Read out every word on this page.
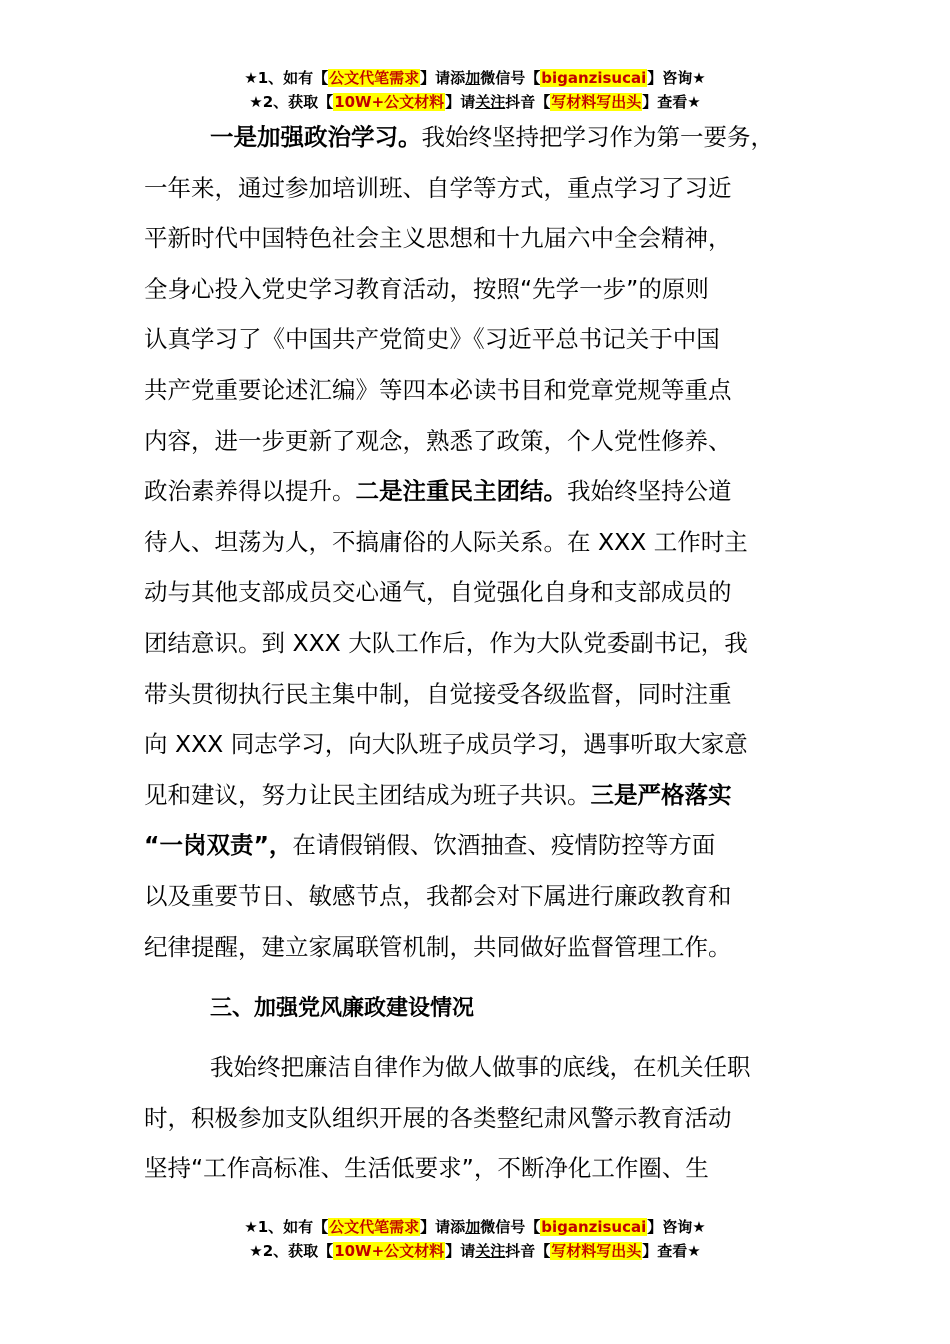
★1、如有【公文代笔需求】请添加微信号【biganzisucai】咨询★
★2、获取【10W+公文材料】请关注抖音【写材料写出头】查看★

一是加强政治学习。我始终坚持把学习作为第一要务，
一年来，通过参加培训班、自学等方式，重点学习了习近
平新时代中国特色社会主义思想和十九届六中全会精神，
全身心投入党史学习教育活动，按照“先学一步”的原则
认真学习了《中国共产党简史》《习近平总书记关于中国
共产党重要论述汇编》等四本必读书目和党章党规等重点
内容，进一步更新了观念，熟悉了政策，个人党性修养、
政治素养得以提升。二是注重民主团结。我始终坚持公道
待人、坦荡为人，不搞庸俗的人际关系。在 XXX 工作时主
动与其他支部成员交心通气，自觉强化自身和支部成员的
团结意识。到 XXX 大队工作后，作为大队党委副书记，我
带头贯彻执行民主集中制，自觉接受各级监督，同时注重
向 XXX 同志学习，向大队班子成员学习，遇事听取大家意
见和建议，努力让民主团结成为班子共识。三是严格落实
“一岗双责”，在请假销假、饮酒抽查、疫情防控等方面
以及重要节日、敏感节点，我都会对下属进行廉政教育和
纪律提醒，建立家属联管机制，共同做好监督管理工作。

三、加强党风廉政建设情况

我始终把廉洁自律作为做人做事的底线，在机关任职
时，积极参加支队组织开展的各类整纪肃风警示教育活动
坚持“工作高标准、生活低要求”，不断净化工作圈、生

★1、如有【公文代笔需求】请添加微信号【biganzisucai】咨询★
★2、获取【10W+公文材料】请关注抖音【写材料写出头】查看★
